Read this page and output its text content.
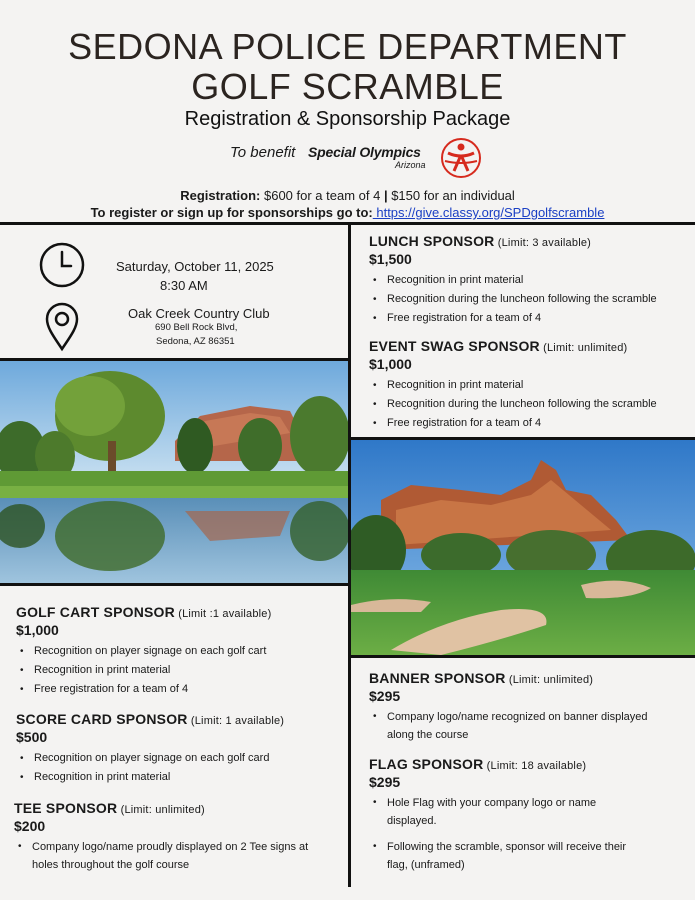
SEDONA POLICE DEPARTMENT
GOLF SCRAMBLE
Registration & Sponsorship Package
To benefit Special Olympics
Arizona
Registration: $600 for a team of 4 | $150 for an individual
To register or sign up for sponsorships go to: https://give.classy.org/SPDgolfscramble
Saturday, October 11, 2025
8:30 AM
Oak Creek Country Club
690 Bell Rock Blvd,
Sedona, AZ 86351
LUNCH SPONSOR (Limit: 3 available)
$1,500
• Recognition in print material
• Recognition during the luncheon following the scramble
• Free registration for a team of 4
EVENT SWAG SPONSOR (Limit: unlimited)
$1,000
• Recognition in print material
• Recognition during the luncheon following the scramble
• Free registration for a team of 4
GOLF CART SPONSOR (Limit :1 available)
$1,000
• Recognition on player signage on each golf cart
• Recognition in print material
• Free registration for a team of 4
SCORE CARD SPONSOR (Limit: 1 available)
$500
• Recognition on player signage on each golf card
• Recognition in print material
TEE SPONSOR (Limit: unlimited)
$200
• Company logo/name proudly displayed on 2 Tee signs at
holes throughout the golf course
BANNER SPONSOR (Limit: unlimited)
$295
• Company logo/name recognized on banner displayed
along the course
FLAG SPONSOR (Limit: 18 available)
$295
• Hole Flag with your company logo or name
displayed.
• Following the scramble, sponsor will receive their
flag, (unframed)
